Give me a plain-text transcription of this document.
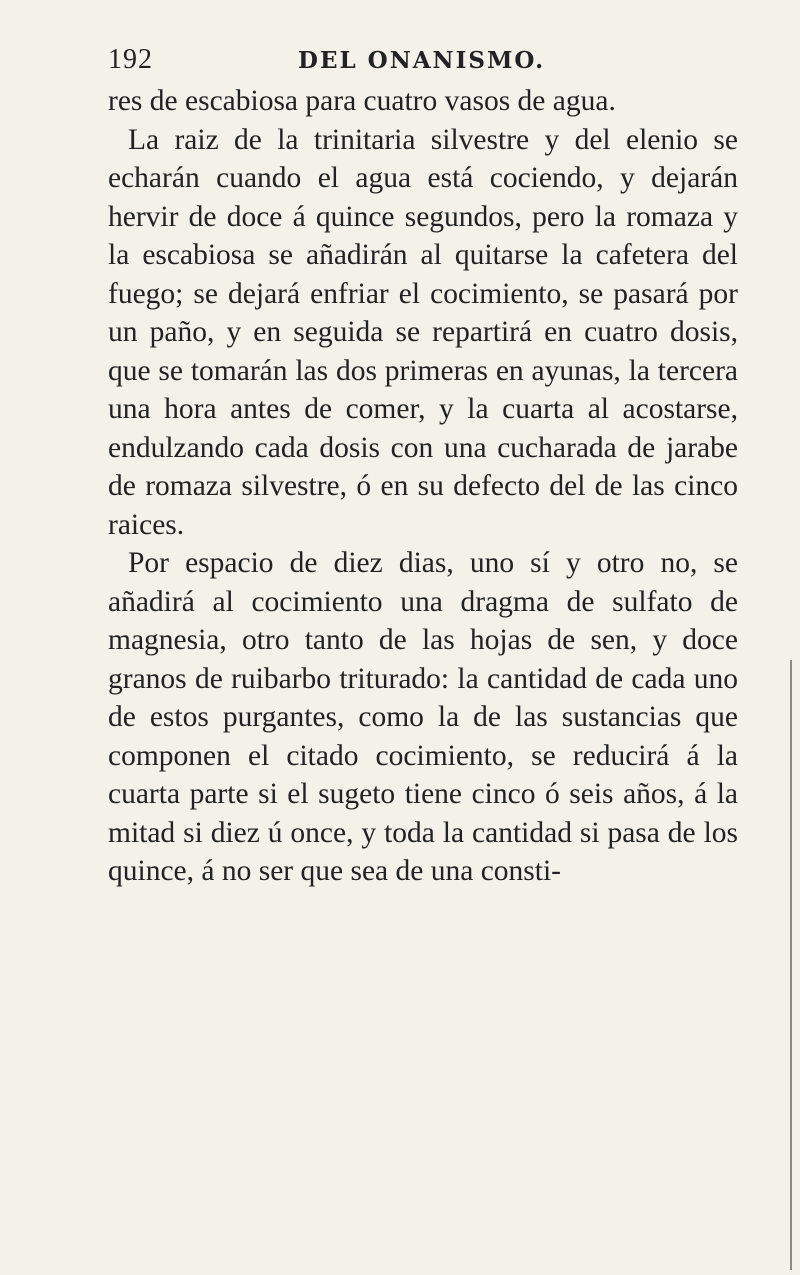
192	DEL ONANISMO.

res de escabiosa para cuatro vasos de agua.

La raiz de la trinitaria silvestre y del elenio se echarán cuando el agua está cociendo, y dejarán hervir de doce á quince segundos, pero la romaza y la escabiosa se añadirán al quitarse la cafetera del fuego; se dejará enfriar el cocimiento, se pasará por un paño, y en seguida se repartirá en cuatro dosis, que se tomarán las dos primeras en ayunas, la tercera una hora antes de comer, y la cuarta al acostarse, endulzando cada dosis con una cucharada de jarabe de romaza silvestre, ó en su defecto del de las cinco raices.

Por espacio de diez dias, uno sí y otro no, se añadirá al cocimiento una dragma de sulfato de magnesia, otro tanto de las hojas de sen, y doce granos de ruibarbo triturado: la cantidad de cada uno de estos purgantes, como la de las sustancias que componen el citado cocimiento, se reducirá á la cuarta parte si el sugeto tiene cinco ó seis años, á la mitad si diez ú once, y toda la cantidad si pasa de los quince, á no ser que sea de una consti-
